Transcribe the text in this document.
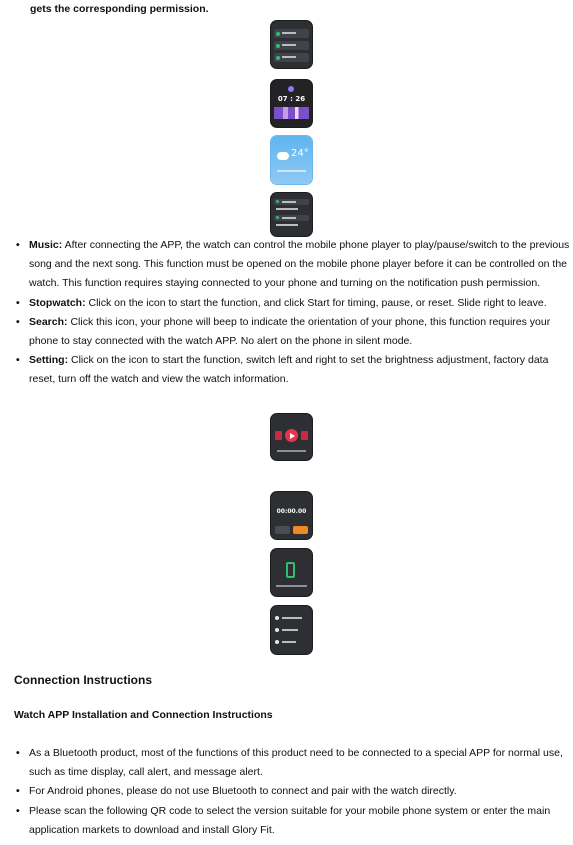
gets the corresponding permission.
07 : 26
24°
• Music: After connecting the APP, the watch can control the mobile phone player to play/pause/switch to the previous song and the next song. This function must be opened on the mobile phone player before it can be controlled on the watch. This function requires staying connected to your phone and turning on the notification push permission.
• Stopwatch: Click on the icon to start the function, and click Start for timing, pause, or reset. Slide right to leave.
• Search: Click this icon, your phone will beep to indicate the orientation of your phone, this function requires your phone to stay connected with the watch APP. No alert on the phone in silent mode.
• Setting: Click on the icon to start the function, switch left and right to set the brightness adjustment, factory data reset, turn off the watch and view the watch information.
00:00.00
Connection Instructions
Watch APP Installation and Connection Instructions
• As a Bluetooth product, most of the functions of this product need to be connected to a special APP for normal use, such as time display, call alert, and message alert.
• For Android phones, please do not use Bluetooth to connect and pair with the watch directly.
• Please scan the following QR code to select the version suitable for your mobile phone system or enter the main application markets to download and install Glory Fit.
